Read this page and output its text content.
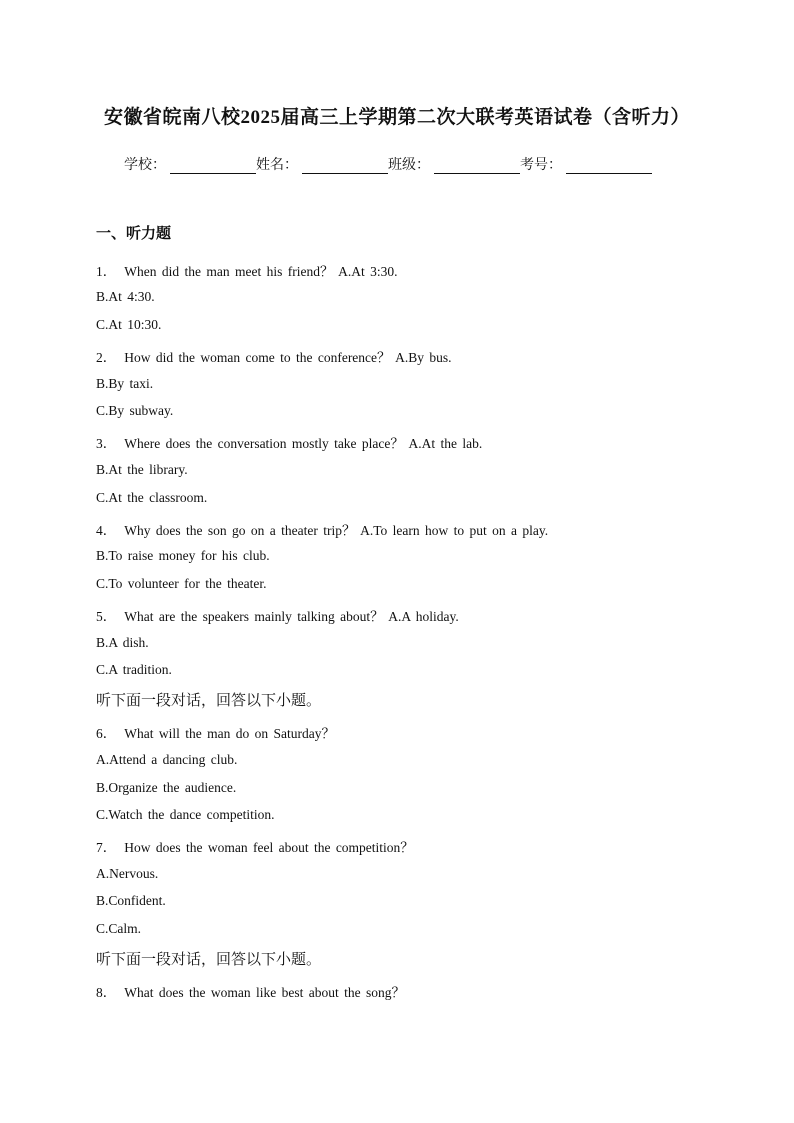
安徽省皖南八校2025届高三上学期第二次大联考英语试卷（含听力）
学校：	姓名：	班级：	考号：
一、听力题
1． When did the man meet his friend？ A.At 3:30.
B.At 4:30.
C.At 10:30.
2． How did the woman come to the conference？ A.By bus.
B.By taxi.
C.By subway.
3． Where does the conversation mostly take place？ A.At the lab.
B.At the library.
C.At the classroom.
4． Why does the son go on a theater trip？ A.To learn how to put on a play.
B.To raise money for his club.
C.To volunteer for the theater.
5． What are the speakers mainly talking about？ A.A holiday.
B.A dish.
C.A tradition.
听下面一段对话，回答以下小题。
6． What will the man do on Saturday？
A.Attend a dancing club.
B.Organize the audience.
C.Watch the dance competition.
7． How does the woman feel about the competition？
A.Nervous.
B.Confident.
C.Calm.
听下面一段对话，回答以下小题。
8． What does the woman like best about the song？
